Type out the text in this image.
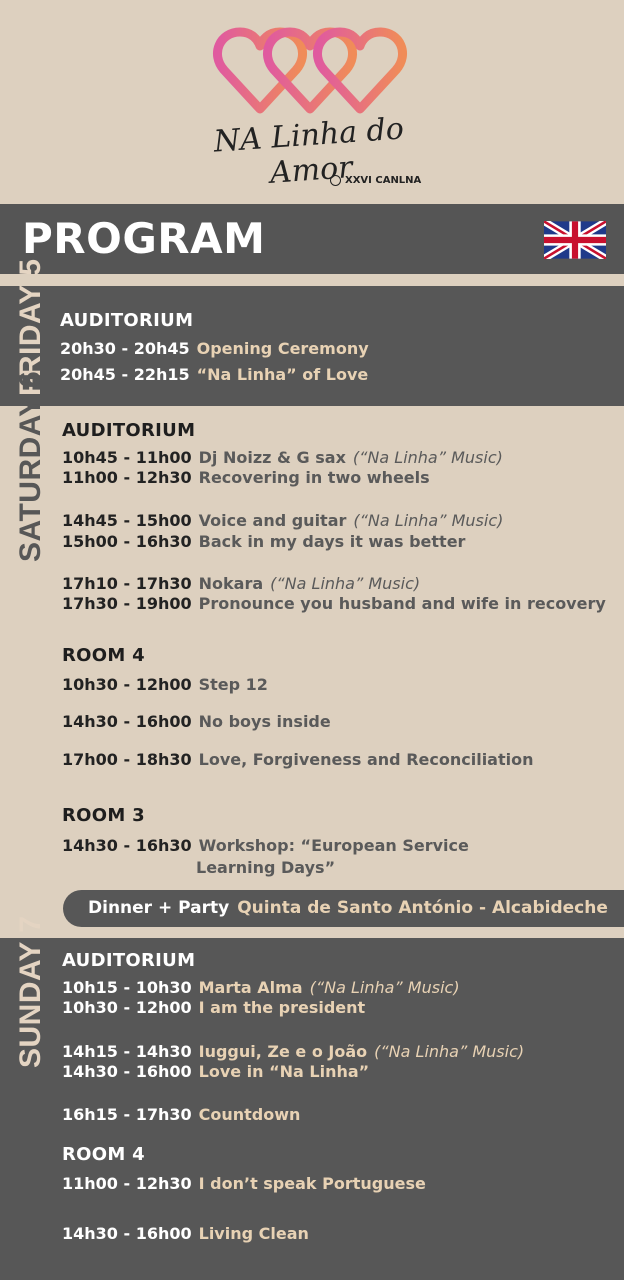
NA Linha do Amor
XXVI CANLNA
PROGRAM
FRIDAY 5 AUDITORIUM
20h30 - 20h45 Opening Ceremony
20h45 - 22h15 “Na Linha” of Love
SATURDAY 6 AUDITORIUM
10h45 - 11h00 Dj Noizz & G sax (“Na Linha” Music)
11h00 - 12h30 Recovering in two wheels
14h45 - 15h00 Voice and guitar (“Na Linha” Music)
15h00 - 16h30 Back in my days it was better
17h10 - 17h30 Nokara (“Na Linha” Music)
17h30 - 19h00 Pronounce you husband and wife in recovery
ROOM 4
10h30 - 12h00 Step 12
14h30 - 16h00 No boys inside
17h00 - 18h30 Love, Forgiveness and Reconciliation
ROOM 3
14h30 - 16h30 Workshop: “European Service
Learning Days”
Dinner + Party Quinta de Santo António - Alcabideche
SUNDAY 7 AUDITORIUM
10h15 - 10h30 Marta Alma (“Na Linha” Music)
10h30 - 12h00 I am the president
14h15 - 14h30 Iuggui, Ze e o João (“Na Linha” Music)
14h30 - 16h00 Love in “Na Linha”
16h15 - 17h30 Countdown
ROOM 4
11h00 - 12h30 I don’t speak Portuguese
14h30 - 16h00 Living Clean
